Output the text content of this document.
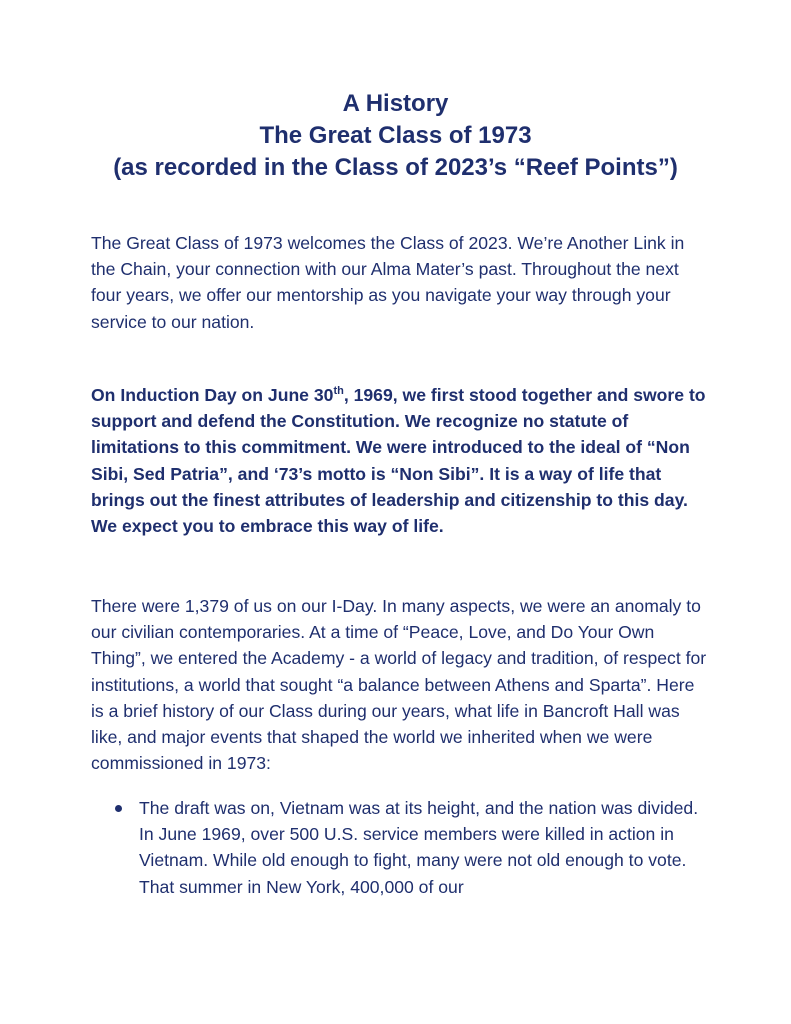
A History
The Great Class of 1973
(as recorded in the Class of 2023’s “Reef Points”)
The Great Class of 1973 welcomes the Class of 2023. We’re Another Link in the Chain, your connection with our Alma Mater’s past. Throughout the next four years, we offer our mentorship as you navigate your way through your service to our nation.
On Induction Day on June 30th, 1969, we first stood together and swore to support and defend the Constitution. We recognize no statute of limitations to this commitment. We were introduced to the ideal of “Non Sibi, Sed Patria”, and ‘73’s motto is “Non Sibi”. It is a way of life that brings out the finest attributes of leadership and citizenship to this day. We expect you to embrace this way of life.
There were 1,379 of us on our I-Day. In many aspects, we were an anomaly to our civilian contemporaries. At a time of “Peace, Love, and Do Your Own Thing”, we entered the Academy - a world of legacy and tradition, of respect for institutions, a world that sought “a balance between Athens and Sparta”. Here is a brief history of our Class during our years, what life in Bancroft Hall was like, and major events that shaped the world we inherited when we were commissioned in 1973:
The draft was on, Vietnam was at its height, and the nation was divided. In June 1969, over 500 U.S. service members were killed in action in Vietnam. While old enough to fight, many were not old enough to vote. That summer in New York, 400,000 of our
